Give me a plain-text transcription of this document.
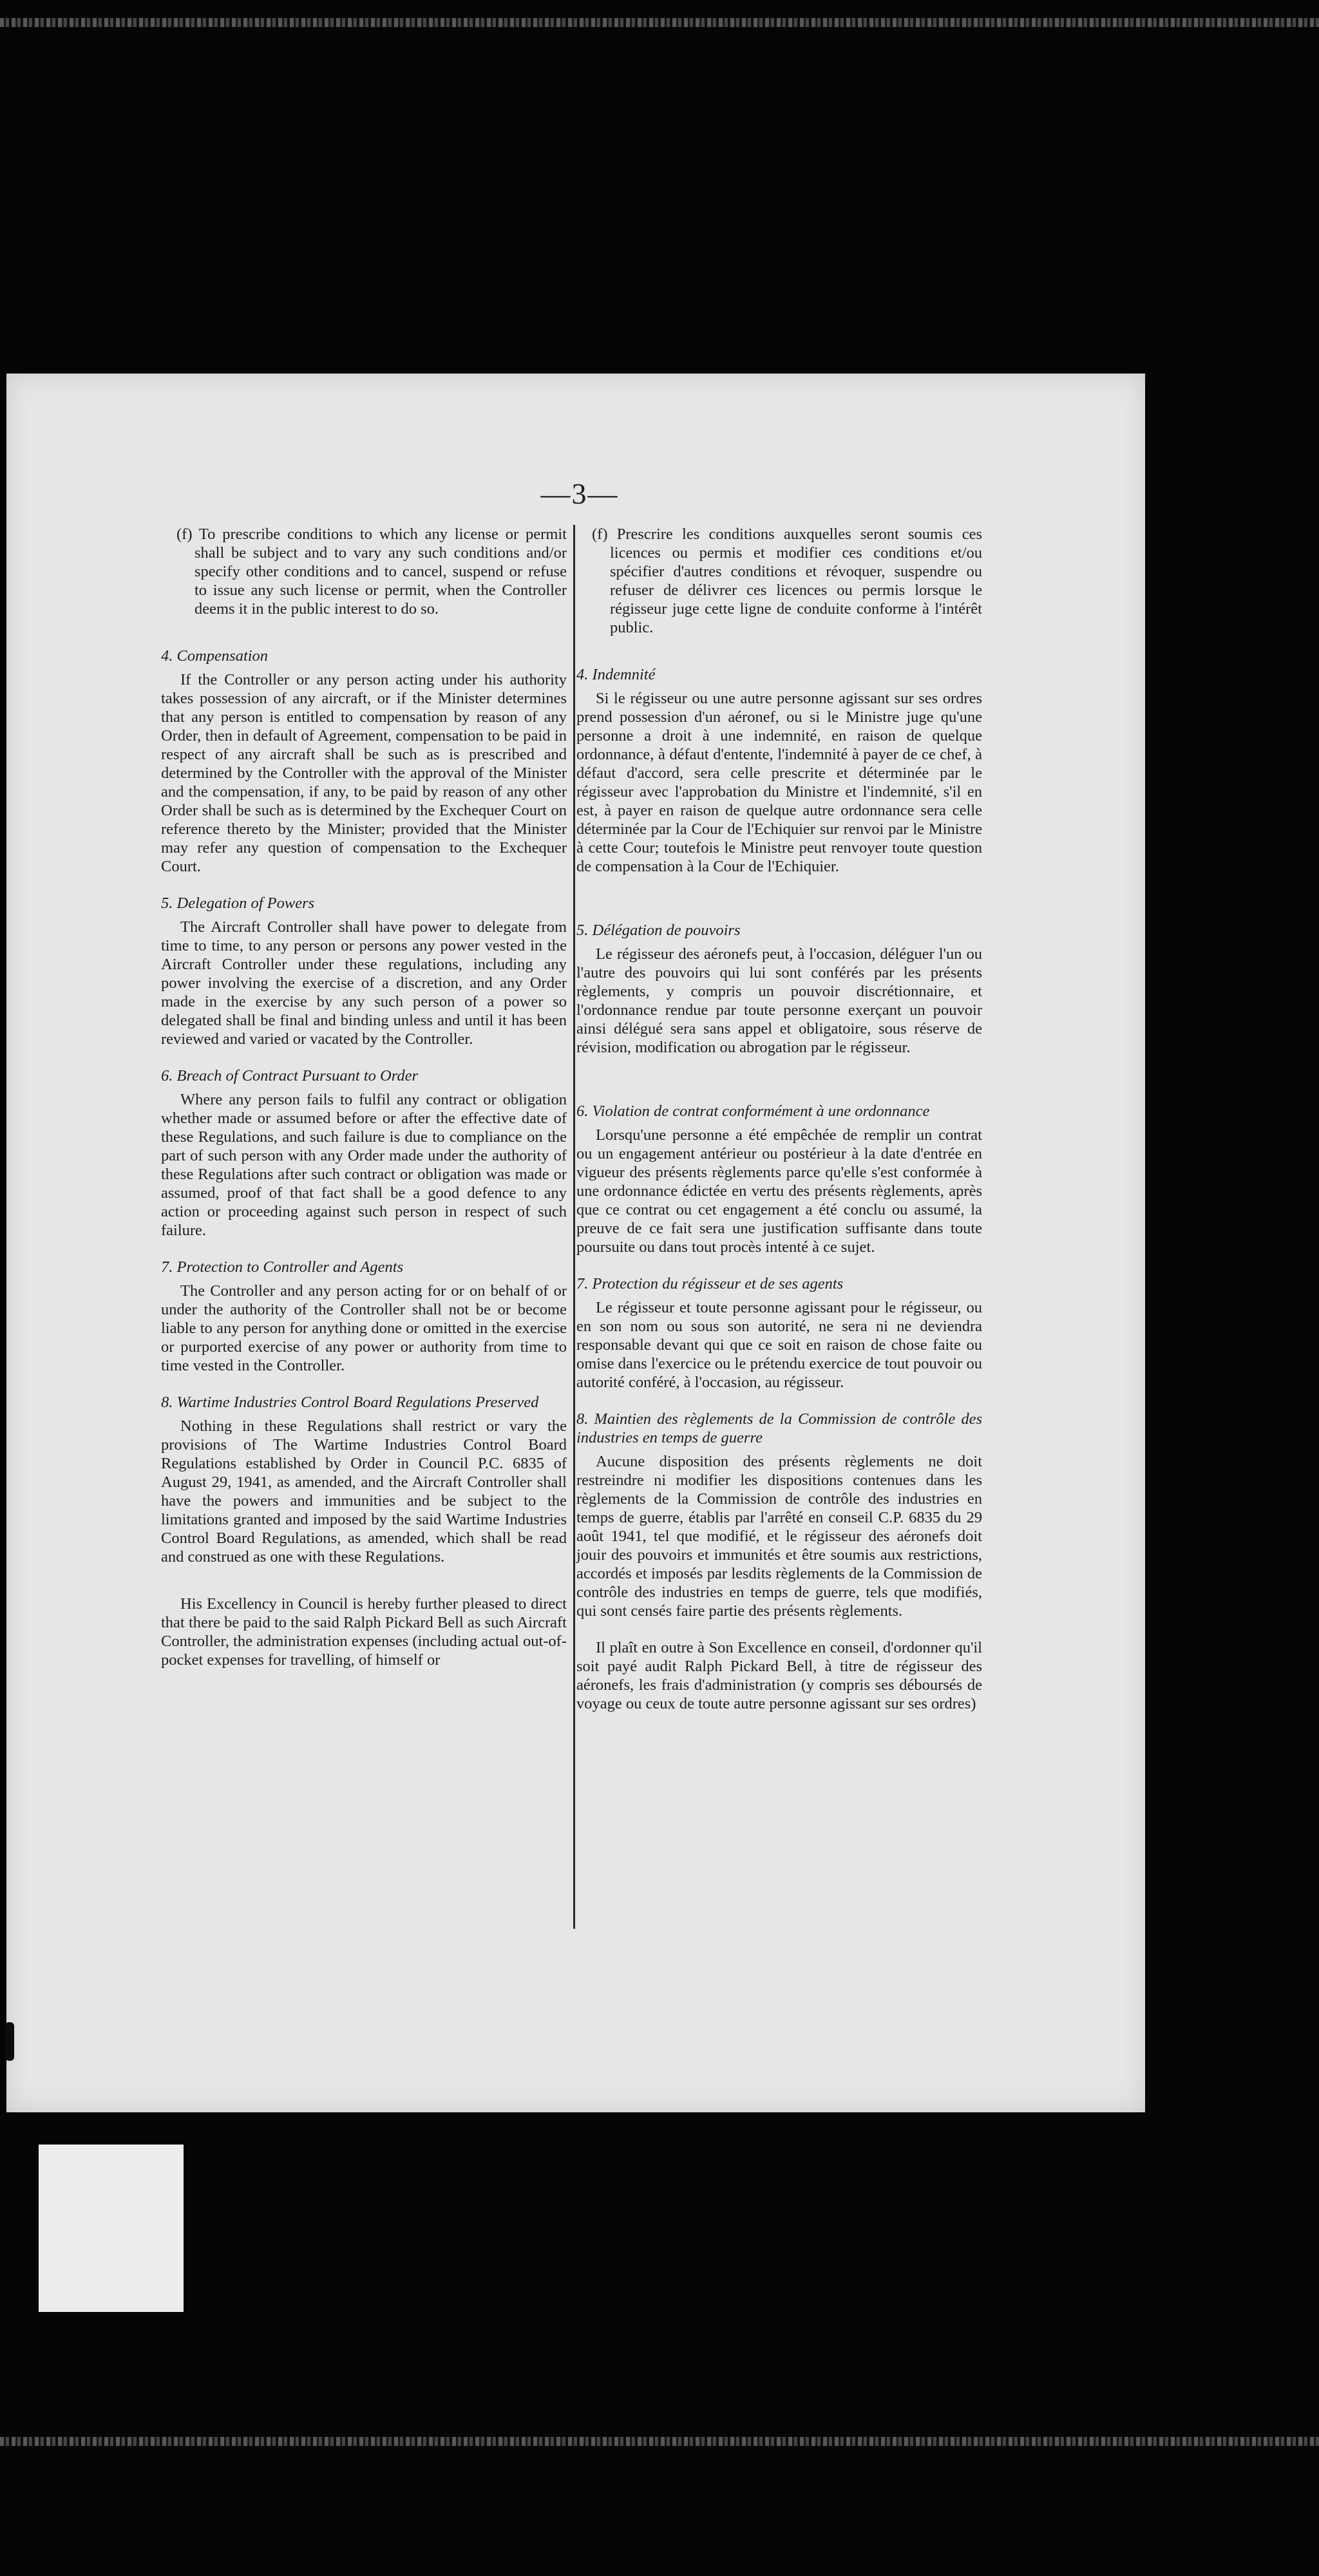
—3—

(f) To prescribe conditions to which any license or permit shall be subject and to vary any such conditions and/or specify other conditions and to cancel, suspend or refuse to issue any such license or permit, when the Controller deems it in the public interest to do so.

4. Compensation

If the Controller or any person acting under his authority takes possession of any aircraft, or if the Minister determines that any person is entitled to compensation by reason of any Order, then in default of Agreement, compensation to be paid in respect of any aircraft shall be such as is prescribed and determined by the Controller with the approval of the Minister and the compensation, if any, to be paid by reason of any other Order shall be such as is determined by the Exchequer Court on reference thereto by the Minister; provided that the Minister may refer any question of compensation to the Exchequer Court.

5. Delegation of Powers

The Aircraft Controller shall have power to delegate from time to time, to any person or persons any power vested in the Aircraft Controller under these regulations, including any power involving the exercise of a discretion, and any Order made in the exercise by any such person of a power so delegated shall be final and binding unless and until it has been reviewed and varied or vacated by the Controller.

6. Breach of Contract Pursuant to Order

Where any person fails to fulfil any contract or obligation whether made or assumed before or after the effective date of these Regulations, and such failure is due to compliance on the part of such person with any Order made under the authority of these Regulations after such contract or obligation was made or assumed, proof of that fact shall be a good defence to any action or proceeding against such person in respect of such failure.

7. Protection to Controller and Agents

The Controller and any person acting for or on behalf of or under the authority of the Controller shall not be or become liable to any person for anything done or omitted in the exercise or purported exercise of any power or authority from time to time vested in the Controller.

8. Wartime Industries Control Board Regulations Preserved

Nothing in these Regulations shall restrict or vary the provisions of The Wartime Industries Control Board Regulations established by Order in Council P.C. 6835 of August 29, 1941, as amended, and the Aircraft Controller shall have the powers and immunities and be subject to the limitations granted and imposed by the said Wartime Industries Control Board Regulations, as amended, which shall be read and construed as one with these Regulations.

His Excellency in Council is hereby further pleased to direct that there be paid to the said Ralph Pickard Bell as such Aircraft Controller, the administration expenses (including actual out-of-pocket expenses for travelling, of himself or

(f) Prescrire les conditions auxquelles seront soumis ces licences ou permis et modifier ces conditions et/ou spécifier d'autres conditions et révoquer, suspendre ou refuser de délivrer ces licences ou permis lorsque le régisseur juge cette ligne de conduite conforme à l'intérêt public.

4. Indemnité

Si le régisseur ou une autre personne agissant sur ses ordres prend possession d'un aéronef, ou si le Ministre juge qu'une personne a droit à une indemnité, en raison de quelque ordonnance, à défaut d'entente, l'indemnité à payer de ce chef, à défaut d'accord, sera celle prescrite et déterminée par le régisseur avec l'approbation du Ministre et l'indemnité, s'il en est, à payer en raison de quelque autre ordonnance sera celle déterminée par la Cour de l'Echiquier sur renvoi par le Ministre à cette Cour; toutefois le Ministre peut renvoyer toute question de compensation à la Cour de l'Echiquier.

5. Délégation de pouvoirs

Le régisseur des aéronefs peut, à l'occasion, déléguer l'un ou l'autre des pouvoirs qui lui sont conférés par les présents règlements, y compris un pouvoir discrétionnaire, et l'ordonnance rendue par toute personne exerçant un pouvoir ainsi délégué sera sans appel et obligatoire, sous réserve de révision, modification ou abrogation par le régisseur.

6. Violation de contrat conformément à une ordonnance

Lorsqu'une personne a été empêchée de remplir un contrat ou un engagement antérieur ou postérieur à la date d'entrée en vigueur des présents règlements parce qu'elle s'est conformée à une ordonnance édictée en vertu des présents règlements, après que ce contrat ou cet engagement a été conclu ou assumé, la preuve de ce fait sera une justification suffisante dans toute poursuite ou dans tout procès intenté à ce sujet.

7. Protection du régisseur et de ses agents

Le régisseur et toute personne agissant pour le régisseur, ou en son nom ou sous son autorité, ne sera ni ne deviendra responsable devant qui que ce soit en raison de chose faite ou omise dans l'exercice ou le prétendu exercice de tout pouvoir ou autorité conféré, à l'occasion, au régisseur.

8. Maintien des règlements de la Commission de contrôle des industries en temps de guerre

Aucune disposition des présents règlements ne doit restreindre ni modifier les dispositions contenues dans les règlements de la Commission de contrôle des industries en temps de guerre, établis par l'arrêté en conseil C.P. 6835 du 29 août 1941, tel que modifié, et le régisseur des aéronefs doit jouir des pouvoirs et immunités et être soumis aux restrictions, accordés et imposés par lesdits règlements de la Commission de contrôle des industries en temps de guerre, tels que modifiés, qui sont censés faire partie des présents règlements.

Il plaît en outre à Son Excellence en conseil, d'ordonner qu'il soit payé audit Ralph Pickard Bell, à titre de régisseur des aéronefs, les frais d'administration (y compris ses déboursés de voyage ou ceux de toute autre personne agissant sur ses ordres)
